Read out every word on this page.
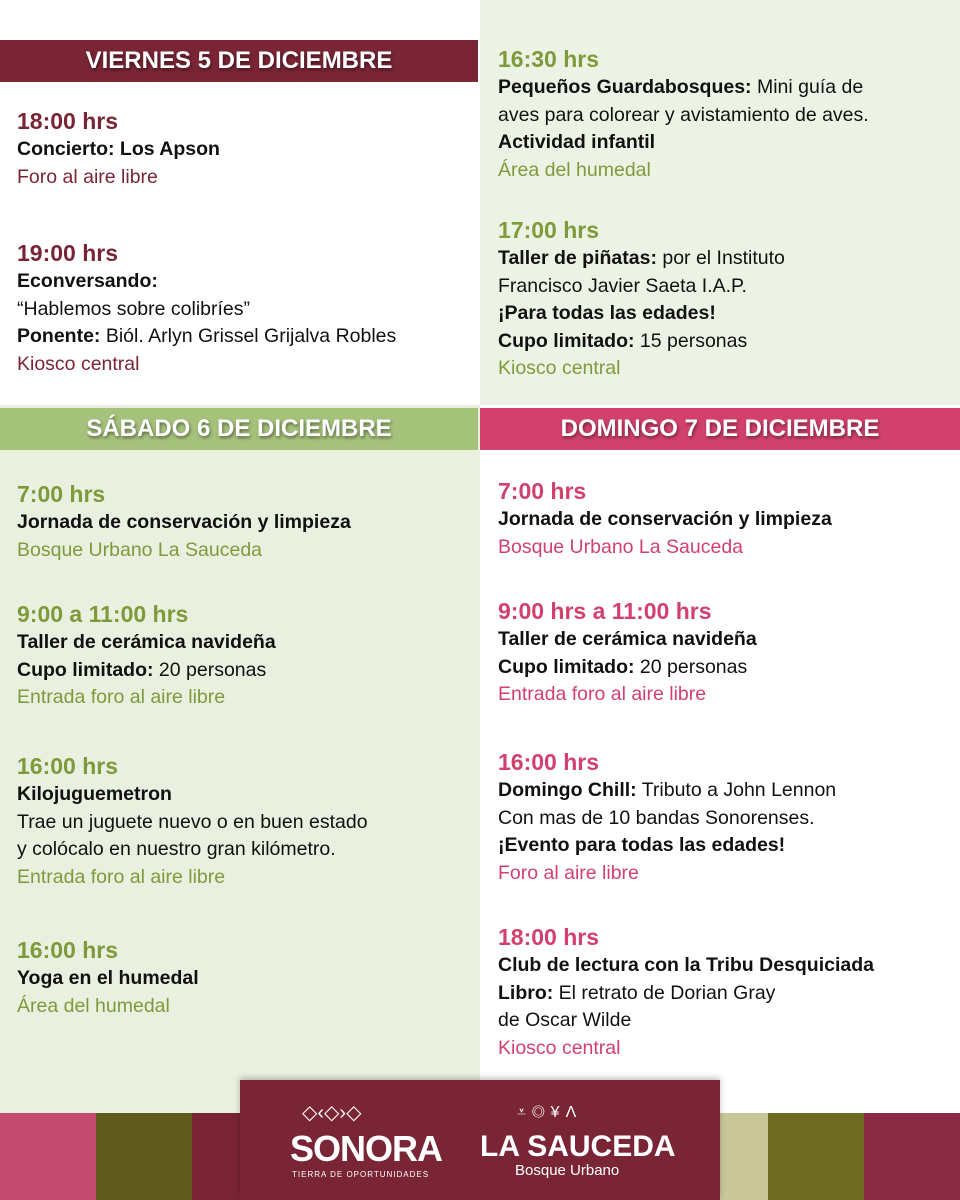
VIERNES 5 DE DICIEMBRE
SÁBADO 6 DE DICIEMBRE	DOMINGO 7 DE DICIEMBRE
18:00 hrs
Concierto: Los Apson
Foro al aire libre
19:00 hrs
Econversando:
“Hablemos sobre colibríes”
Ponente: Biól. Arlyn Grissel Grijalva Robles
Kiosco central
16:30 hrs
Pequeños Guardabosques: Mini guía de
aves para colorear y avistamiento de aves.
Actividad infantil
Área del humedal
17:00 hrs
Taller de piñatas: por el Instituto
Francisco Javier Saeta I.A.P.
¡Para todas las edades!
Cupo limitado: 15 personas
Kiosco central
7:00 hrs
Jornada de conservación y limpieza
Bosque Urbano La Sauceda
9:00 a 11:00 hrs
Taller de cerámica navideña
Cupo limitado: 20 personas
Entrada foro al aire libre
16:00 hrs
Kilojuguemetron
Trae un juguete nuevo o en buen estado
y colócalo en nuestro gran kilómetro.
Entrada foro al aire libre
16:00 hrs
Yoga en el humedal
Área del humedal
7:00 hrs
Jornada de conservación y limpieza
Bosque Urbano La Sauceda
9:00 hrs a 11:00 hrs
Taller de cerámica navideña
Cupo limitado: 20 personas
Entrada foro al aire libre
16:00 hrs
Domingo Chill: Tributo a John Lennon
Con mas de 10 bandas Sonorenses.
¡Evento para todas las edades!
Foro al aire libre
18:00 hrs
Club de lectura con la Tribu Desquiciada
Libro: El retrato de Dorian Gray
de Oscar Wilde
Kiosco central
◇‹◇›◇
SONORA
TIERRA DE OPORTUNIDADES
⩡◎¥Λ
LA SAUCEDA
Bosque Urbano
